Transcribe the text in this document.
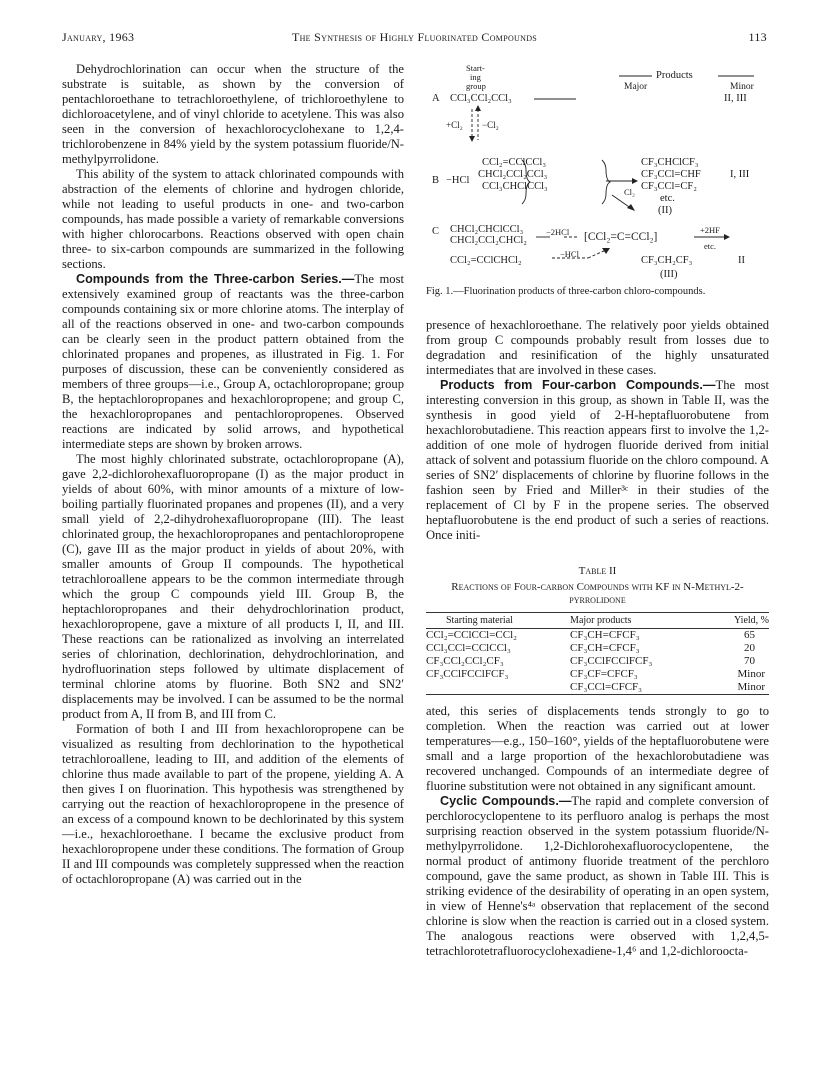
January, 1963	The Synthesis of Highly Fluorinated Compounds	113

Dehydrochlorination can occur when the structure of the substrate is suitable, as shown by the conversion of pentachloroethane to tetrachloroethylene, of trichloroethylene to dichloroacetylene, and of vinyl chloride to acetylene. This was also seen in the conversion of hexachlorocyclohexane to 1,2,4-trichlorobenzene in 84% yield by the system potassium fluoride/N-methylpyrrolidone.

This ability of the system to attack chlorinated compounds with abstraction of the elements of chlorine and hydrogen chloride, while not leading to useful products in one- and two-carbon compounds, has made possible a variety of remarkable conversions with higher chlorocarbons. Reactions observed with open chain three- to six-carbon compounds are summarized in the following sections.

Compounds from the Three-carbon Series.—The most extensively examined group of reactants was the three-carbon compounds containing six or more chlorine atoms. The interplay of all of the reactions observed in one- and two-carbon compounds can be clearly seen in the product pattern obtained from the chlorinated propanes and propenes, as illustrated in Fig. 1. For purposes of discussion, these can be conveniently considered as members of three groups—i.e., Group A, octachloropropane; group B, the heptachloropropanes and hexachloropropene; and group C, the hexachloropropanes and pentachloropropenes. Observed reactions are indicated by solid arrows, and hypothetical intermediate steps are shown by broken arrows.

The most highly chlorinated substrate, octachloropropane (A), gave 2,2-dichlorohexafluoropropane (I) as the major product in yields of about 60%, with minor amounts of a mixture of low-boiling partially fluorinated propanes and propenes (II), and a very small yield of 2,2-dihydrohexafluoropropane (III). The least chlorinated group, the hexachloropropanes and pentachloropropene (C), gave III as the major product in yields of about 20%, with smaller amounts of Group II compounds. The hypothetical tetrachloroallene appears to be the common intermediate through which the group C compounds yield III. Group B, the heptachloropropanes and their dehydrochlorination product, hexachloropropene, gave a mixture of all products I, II, and III. These reactions can be rationalized as involving an interrelated series of chlorination, dechlorination, dehydrochlorination, and hydrofluorination steps followed by ultimate displacement of terminal chlorine atoms by fluorine. Both SN2 and SN2′ displacements may be involved. I can be assumed to be the normal product from A, II from B, and III from C.

Formation of both I and III from hexachloropropene can be visualized as resulting from dechlorination to the hypothetical tetrachloroallene, leading to III, and addition of the elements of chlorine thus made available to part of the propene, yielding A. A then gives I on fluorination. This hypothesis was strengthened by carrying out the reaction of hexachloropropene in the presence of an excess of a compound known to be dechlorinated by this system—i.e., hexachloroethane. I became the exclusive product from hexachloropropene under these conditions. The formation of Group II and III compounds was completely suppressed when the reaction of octachloropropane (A) was carried out in the

Start-
ing
group
Products
Major	Minor
A CCl₃CCl₂CCl₃	II, III
+Cl₂ −Cl₂
B −HCl
CCl₂=CClCCl₃
CHCl₂CCl₂CCl₃
CCl₃CHClCCl₃
CF₃CHClCF₃
CF₃CCl=CHF
CF₃CCl=CF₂
etc.
(II)
Cl₂
I, III
C CHCl₂CHClCCl₃
CHCl₂CCl₂CHCl₂
−2HCl [CCl₂=C=CCl₂]
+2HF
etc.
−HCl
CCl₂=CClCHCl₂	CF₃CH₂CF₃	II
(III)
Fig. 1.—Fluorination products of three-carbon chloro-compounds.

presence of hexachloroethane. The relatively poor yields obtained from group C compounds probably result from losses due to degradation and resinification of the highly unsaturated intermediates that are involved in these cases.

Products from Four-carbon Compounds.—The most interesting conversion in this group, as shown in Table II, was the synthesis in good yield of 2-H-heptafluorobutene from hexachlorobutadiene. This reaction appears first to involve the 1,2-addition of one mole of hydrogen fluoride derived from initial attack of solvent and potassium fluoride on the chloro compound. A series of SN2′ displacements of chlorine by fluorine follows in the fashion seen by Fried and Miller³ᶜ in their studies of the replacement of Cl by F in the propene series. The observed heptafluorobutene is the end product of such a series of reactions. Once initi-

Table II
Reactions of Four-carbon Compounds with KF in N-Methyl-2-pyrrolidone
Starting material	Major products	Yield, %
CCl₂=CClCCl=CCl₂	CF₃CH=CFCF₃	65
CCl₃CCl=CClCCl₃	CF₃CH=CFCF₃	20
CF₃CCl₂CCl₂CF₃	CF₃CClFCClFCF₃	70
CF₃CClFCClFCF₃	CF₃CF=CFCF₃	Minor
	CF₃CCl=CFCF₃	Minor

ated, this series of displacements tends strongly to go to completion. When the reaction was carried out at lower temperatures—e.g., 150–160°, yields of the heptafluorobutene were small and a large proportion of the hexachlorobutadiene was recovered unchanged. Compounds of an intermediate degree of fluorine substitution were not obtained in any significant amount.

Cyclic Compounds.—The rapid and complete conversion of perchlorocyclopentene to its perfluoro analog is perhaps the most surprising reaction observed in the system potassium fluoride/N-methylpyrrolidone. 1,2-Dichlorohexafluorocyclopentene, the normal product of antimony fluoride treatment of the perchloro compound, gave the same product, as shown in Table III. This is striking evidence of the desirability of operating in an open system, in view of Henne's⁴ᵃ observation that replacement of the second chlorine is slow when the reaction is carried out in a closed system. The analogous reactions were observed with 1,2,4,5-tetrachlorotetrafluorocyclohexadiene-1,4⁶ and 1,2-dichloroocta-
